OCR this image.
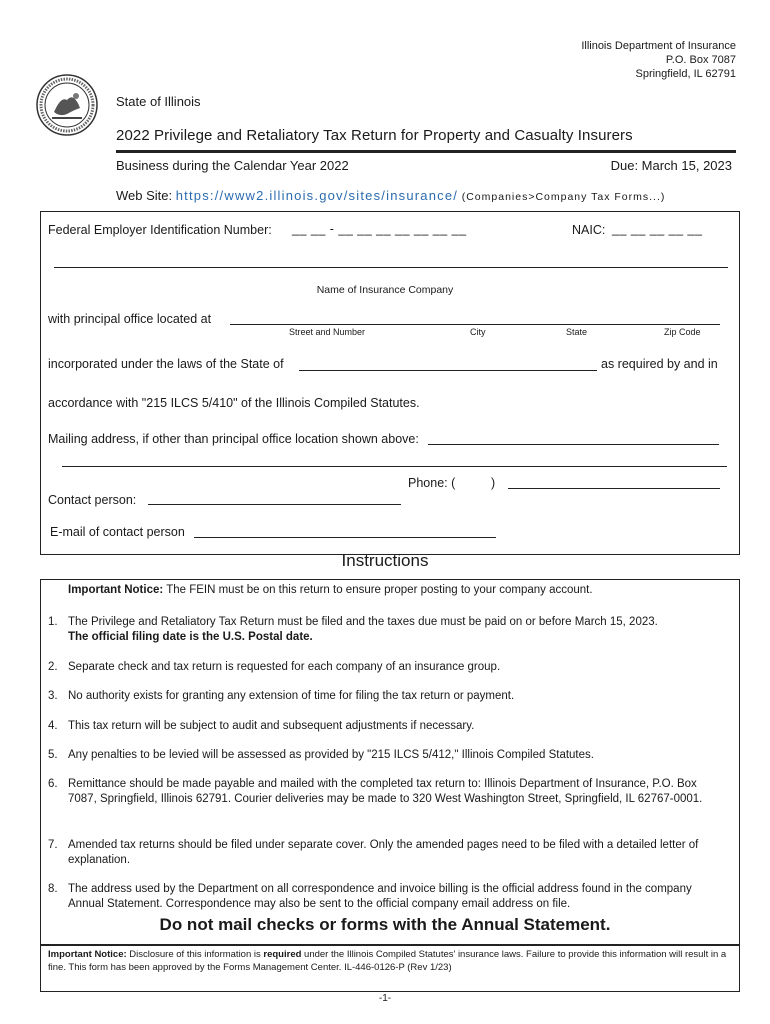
Illinois Department of Insurance
P.O. Box 7087
Springfield, IL 62791
State of Illinois
2022 Privilege and Retaliatory Tax Return for Property and Casualty Insurers
Business during the Calendar Year 2022	Due: March 15, 2023
Web Site: https://www2.illinois.gov/sites/insurance/ (Companies>Company Tax Forms...)
Federal Employer Identification Number: __ __ - __ __ __ __ __ __ __	NAIC: __ __ __ __ __
Name of Insurance Company
with principal office located at
Street and Number	City	State	Zip Code
incorporated under the laws of the State of	as required by and in
accordance with "215 ILCS 5/410" of the Illinois Compiled Statutes.
Mailing address, if other than principal office location shown above:
Phone: (	)
Contact person:
E-mail of contact person
Instructions
Important Notice: The FEIN must be on this return to ensure proper posting to your company account.
1. The Privilege and Retaliatory Tax Return must be filed and the taxes due must be paid on or before March 15, 2023.
The official filing date is the U.S. Postal date.
2. Separate check and tax return is requested for each company of an insurance group.
3. No authority exists for granting any extension of time for filing the tax return or payment.
4. This tax return will be subject to audit and subsequent adjustments if necessary.
5. Any penalties to be levied will be assessed as provided by "215 ILCS 5/412," Illinois Compiled Statutes.
6. Remittance should be made payable and mailed with the completed tax return to: Illinois Department of Insurance, P.O. Box 7087, Springfield, Illinois 62791. Courier deliveries may be made to 320 West Washington Street, Springfield, IL 62767-0001.
7. Amended tax returns should be filed under separate cover. Only the amended pages need to be filed with a detailed letter of explanation.
8. The address used by the Department on all correspondence and invoice billing is the official address found in the company Annual Statement. Correspondence may also be sent to the official company email address on file.
Do not mail checks or forms with the Annual Statement.
Important Notice: Disclosure of this information is required under the Illinois Compiled Statutes' insurance laws. Failure to provide this information will result in a fine. This form has been approved by the Forms Management Center. IL-446-0126-P (Rev 1/23)
-1-
